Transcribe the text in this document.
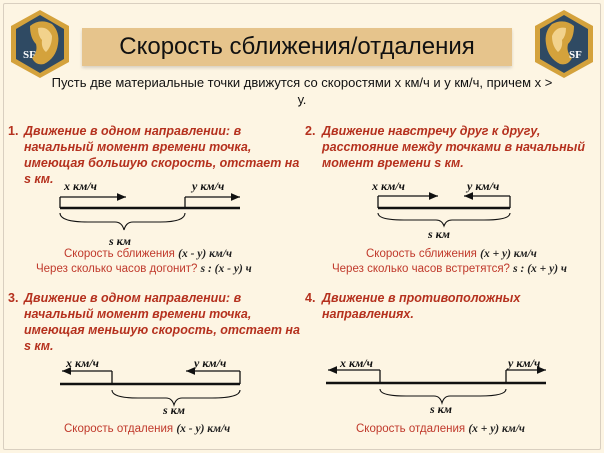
SF	SF
Скорость сближения/отдаления
Пусть две материальные точки движутся со скоростями х км/ч и у км/ч, причем х > у.
1. Движение в одном направлении: в начальный момент времени точка, имеющая большую скорость, отстает на s км. х км/ч	у км/ч
s км
Скорость сближения (х - у) км/ч
Через сколько часов догонит? s : (х - у) ч
2. Движение навстречу друг к другу, расстояние между точками в начальный момент времени s км.
х км/ч	у км/ч
s км
Скорость сближения (х + у) км/ч
Через сколько часов встретятся? s : (х + у) ч
3. Движение в одном направлении: в начальный момент времени точка, имеющая меньшую скорость, отстает на s км.
х км/ч	у км/ч
s км
Скорость отдаления (х - у) км/ч
4. Движение в противоположных направлениях.
х км/ч	у км/ч
s км
Скорость отдаления (х + у) км/ч
